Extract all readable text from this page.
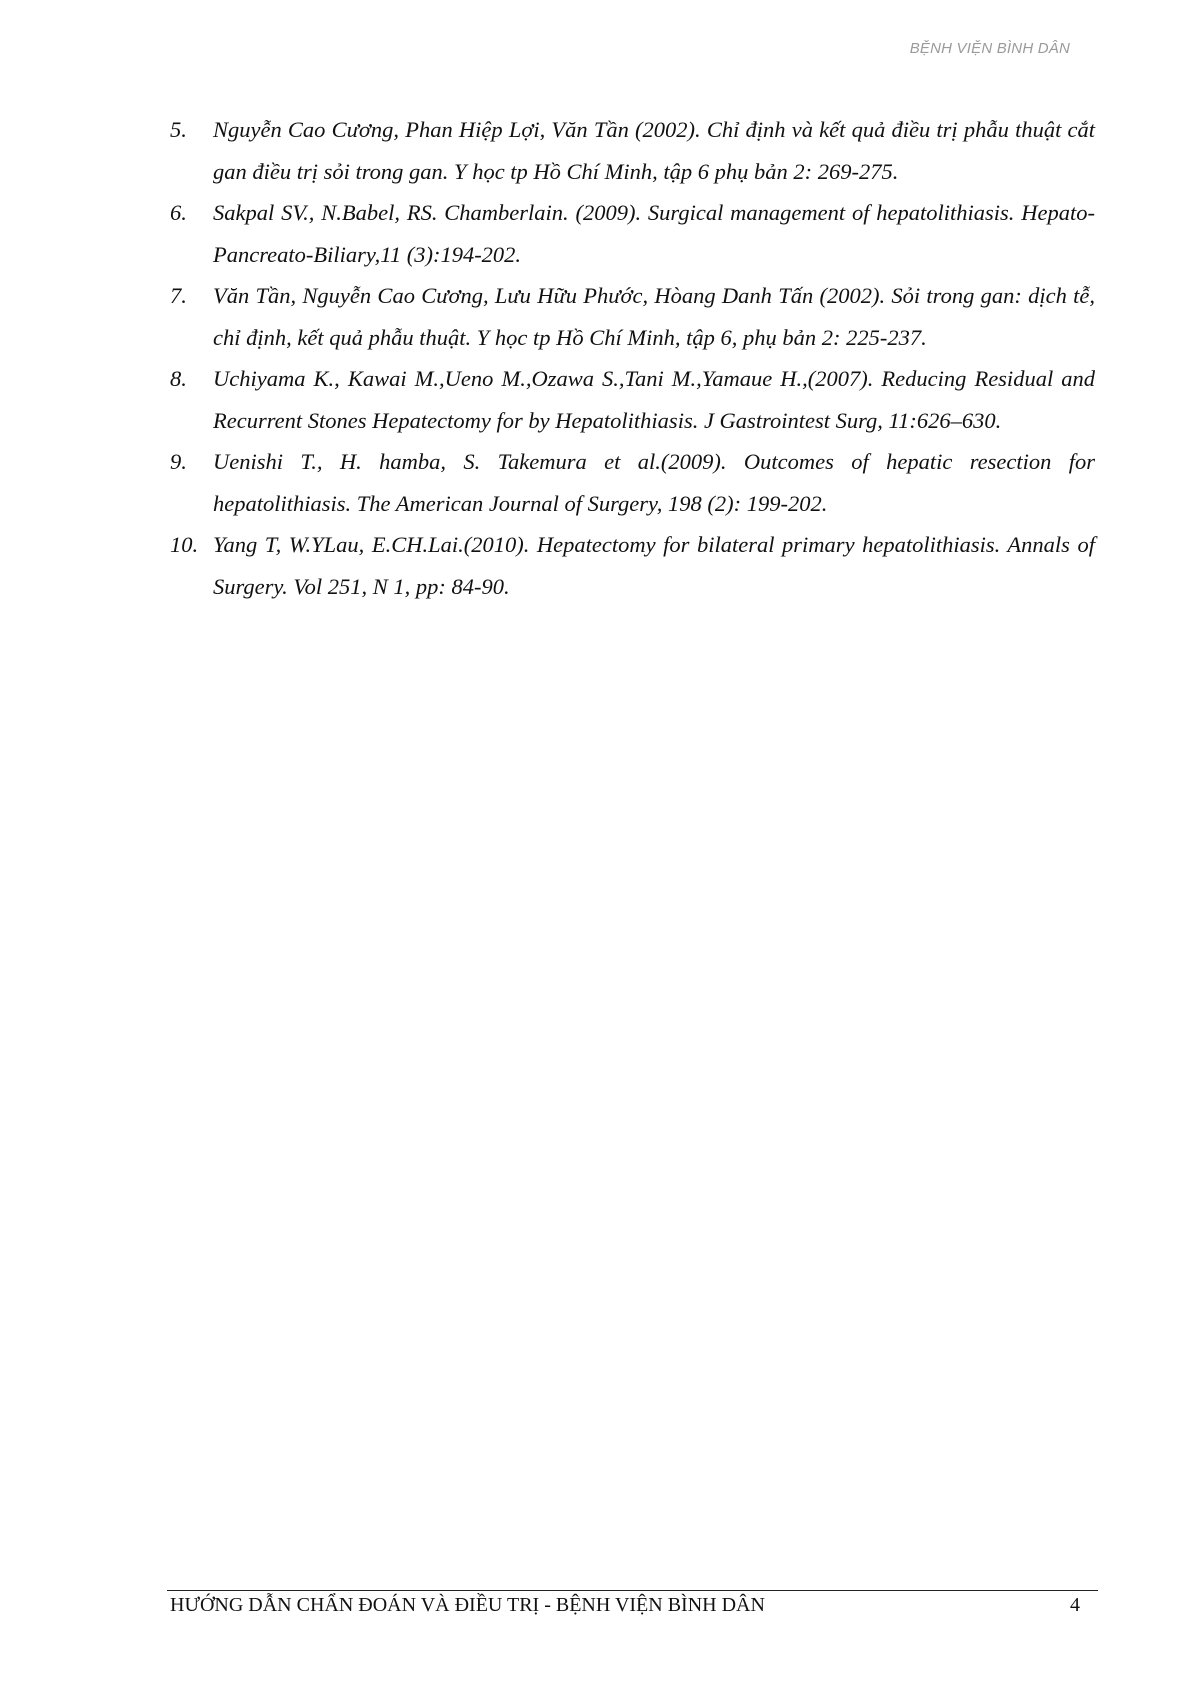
BỆNH VIỆN BÌNH DÂN
5. Nguyễn Cao Cương, Phan Hiệp Lợi, Văn Tần (2002). Chỉ định và kết quả điều trị phẫu thuật cắt gan điều trị sỏi trong gan. Y học tp Hồ Chí Minh, tập 6 phụ bản 2: 269-275.
6. Sakpal SV., N.Babel, RS. Chamberlain. (2009). Surgical management of hepatolithiasis. Hepato- Pancreato-Biliary,11 (3):194-202.
7. Văn Tần, Nguyễn Cao Cương, Lưu Hữu Phước, Hòang Danh Tấn (2002). Sỏi trong gan: dịch tễ, chỉ định, kết quả phẫu thuật. Y học tp Hồ Chí Minh, tập 6, phụ bản 2: 225-237.
8. Uchiyama K., Kawai M.,Ueno M.,Ozawa S.,Tani M.,Yamaue H.,(2007). Reducing Residual and Recurrent Stones Hepatectomy for by Hepatolithiasis. J Gastrointest Surg, 11:626–630.
9. Uenishi T., H. hamba, S. Takemura et al.(2009). Outcomes of hepatic resection for hepatolithiasis. The American Journal of Surgery, 198 (2): 199-202.
10. Yang T, W.YLau, E.CH.Lai.(2010). Hepatectomy for bilateral primary hepatolithiasis. Annals of Surgery. Vol 251, N 1, pp: 84-90.
HƯỚNG DẪN CHẨN ĐOÁN VÀ ĐIỀU TRỊ - BỆNH VIỆN BÌNH DÂN	4
